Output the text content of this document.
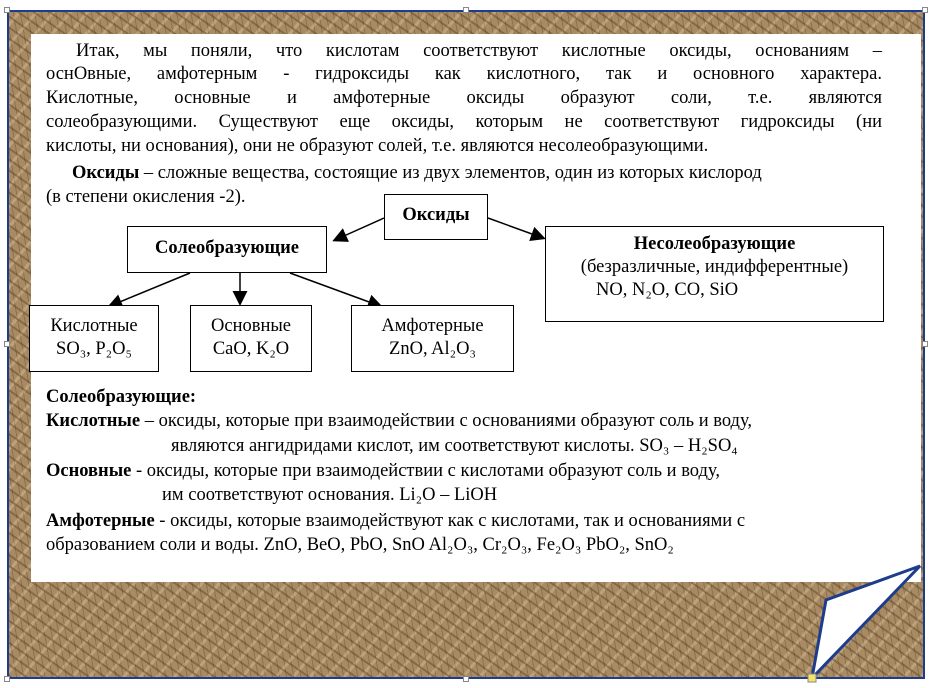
Итак, мы поняли, что кислотам соответствуют кислотные оксиды, основаниям –
оснОвные, амфотерным - гидроксиды как кислотного, так и основного характера.
Кислотные, основные и амфотерные оксиды образуют соли, т.е. являются
солеобразующими. Существуют еще оксиды, которым не соответствуют гидроксиды (ни
кислоты, ни основания), они не образуют солей, т.е. являются несолеобразующими.
Оксиды – сложные вещества, состоящие из двух элементов, один из которых кислород
(в степени окисления -2).
Оксиды
Солеобразующие	Несолеобразующие
(безразличные, индифферентные)
NO, N₂O, CO, SiO
Кислотные
SO₃, P₂O₅
Основные
CaO, K₂O
Амфотерные
ZnO, Al₂O₃
Солеобразующие:
Кислотные – оксиды, которые при взаимодействии с основаниями образуют соль и воду,
являются ангидридами кислот, им соответствуют кислоты. SO₃ – H₂SO₄
Основные - оксиды, которые при взаимодействии с кислотами образуют соль и воду,
им соответствуют основания. Li₂O – LiOH
Амфотерные - оксиды, которые взаимодействуют как с кислотами, так и основаниями с
образованием соли и воды. ZnO, BeO, PbO, SnO Al₂O₃, Cr₂O₃, Fe₂O₃ PbO₂, SnO₂
